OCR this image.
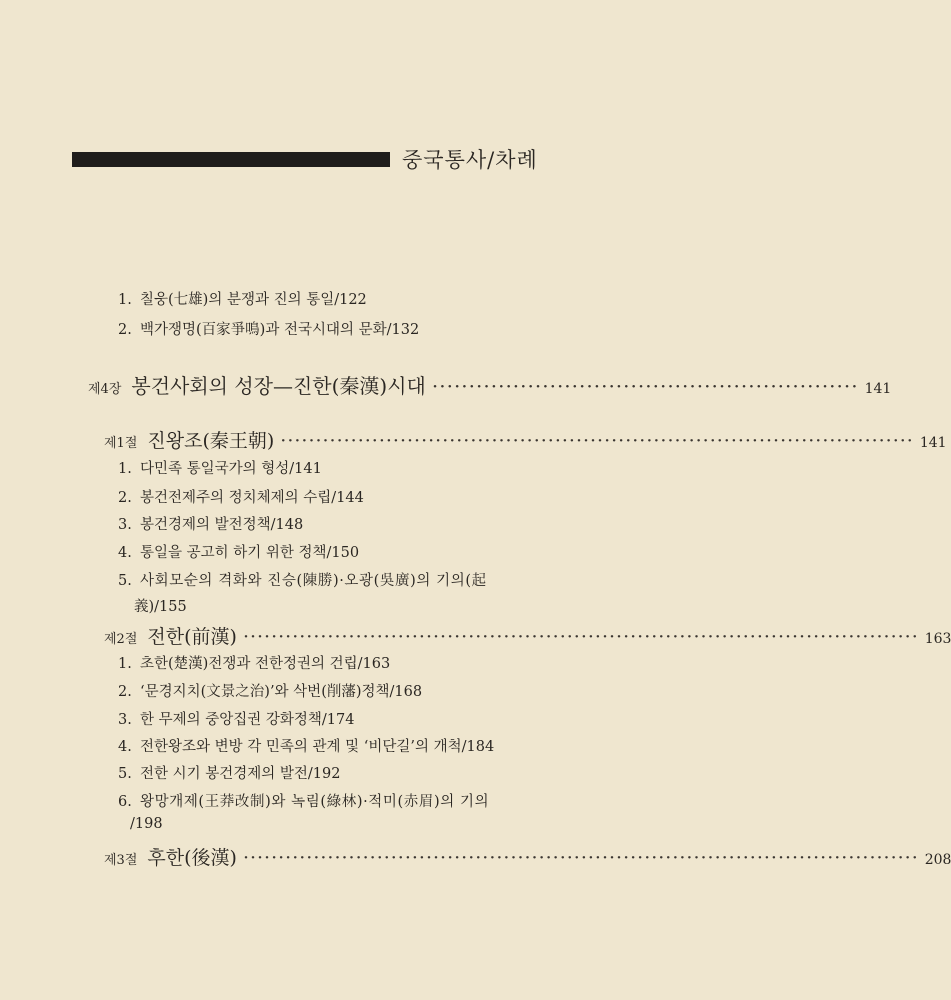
중국통사/차례
1. 칠웅(七雄)의 분쟁과 진의 통일/122
2. 백가쟁명(百家爭鳴)과 전국시대의 문화/132
제4장 봉건사회의 성장—진한(秦漢)시대 ·························································· 141
제1절 진왕조(秦王朝) ·························································································· 141
1. 다민족 통일국가의 형성/141
2. 봉건전제주의 정치체제의 수립/144
3. 봉건경제의 발전정책/148
4. 통일을 공고히 하기 위한 정책/150
5. 사회모순의 격화와 진승(陳勝)·오광(吳廣)의 기의(起
義)/155
제2절 전한(前漢) ································································································ 163
1. 초한(楚漢)전쟁과 전한정권의 건립/163
2. ‘문경지치(文景之治)’와 삭번(削藩)정책/168
3. 한 무제의 중앙집권 강화정책/174
4. 전한왕조와 변방 각 민족의 관계 및 ‘비단길’의 개척/184
5. 전한 시기 봉건경제의 발전/192
6. 왕망개제(王莽改制)와 녹림(綠林)·적미(赤眉)의 기의
/198
제3절 후한(後漢) ································································································ 208
